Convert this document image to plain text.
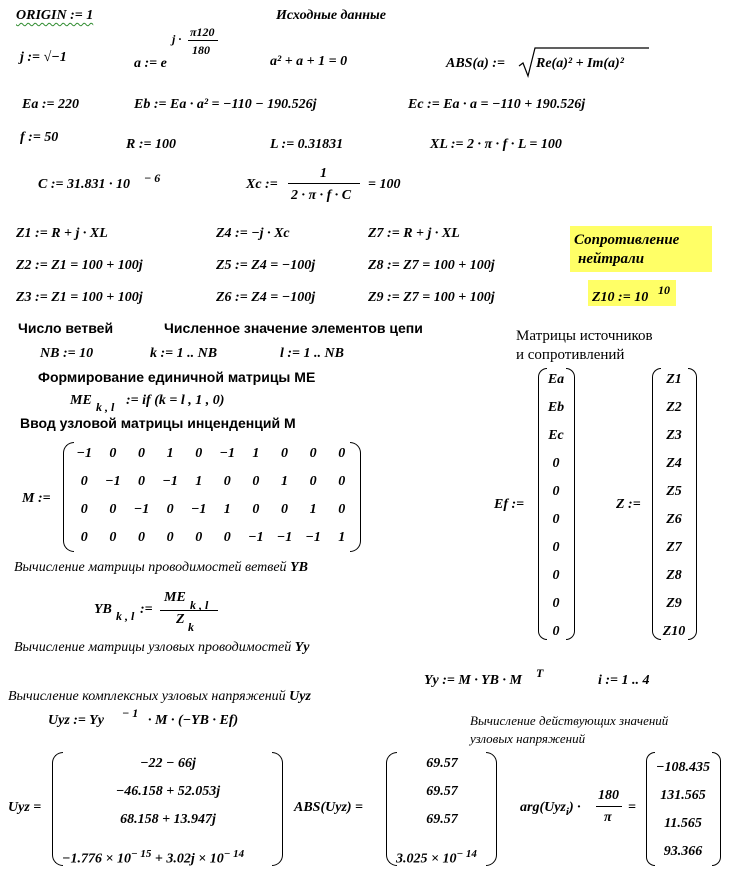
ORIGIN := 1	Исходные данные
j := √−1	a := e
j · π120
180
a² + a + 1 = 0	ABS(a) := Re(a)² + Im(a)²
Ea := 220	Eb := Ea · a² = −110 − 190.526j	Ec := Ea · a = −110 + 190.526j
f := 50	R := 100	L := 0.31831	XL := 2 · π · f · L = 100
C := 31.831 · 10 − 6	Xc :=
1
2 · π · f · C
= 100
Z1 := R + j · XL
Z2 := Z1 = 100 + 100j
Z3 := Z1 = 100 + 100j
Z4 := −j · Xc
Z5 := Z4 = −100j
Z6 := Z4 = −100j
Z7 := R + j · XL
Z8 := Z7 = 100 + 100j
Z9 := Z7 = 100 + 100j
Сопротивление
нейтрали
Z10 := 10 10
Число ветвей	Численное значение элементов цепи
NB := 10	k := 1 .. NB	l := 1 .. NB
Формирование единичной матрицы ME
ME k , l := if (k = l , 1 , 0)
Ввод узловой матрицы инценденций M
M :=
−1	0	0	1	0	−1	1	0	0	0
0	−1	0	−1	1	0	0	1	0	0
0	0	−1	0	−1	1	0	0	1	0
0	0	0	0	0	0	−1 −1 −1	1
Матрицы источников
и сопротивлений
Ef :=
Ea
Eb
Ec
0
0
0
0
0
0
0
Z :=
Z1
Z2
Z3
Z4
Z5
Z6
Z7
Z8
Z9
Z10
Вычисление матрицы проводимостей ветвей YB
YB k , l :=
ME k , l
Z k
Вычисление матрицы узловых проводимостей Yy
Yy := M · YB · M T	i := 1 .. 4
Вычисление комплексных узловых напряжений Uyz
Uyz := Yy − 1 · M · (−YB · Ef)	Вычисление действующих значений
узловых напряжений
Uyz =
−22 − 66j
−46.158 + 52.053j
68.158 + 13.947j
$-1.776 \times 10^{- 15} + 3.02j \times 10^{- 14}$
ABS(Uyz) =
69.57
69.57
69.57
$3.025 \times 10^{- 14}$
arg(Uyz$_i$) ·
180
π
=
−108.435
131.565
11.565
93.366
